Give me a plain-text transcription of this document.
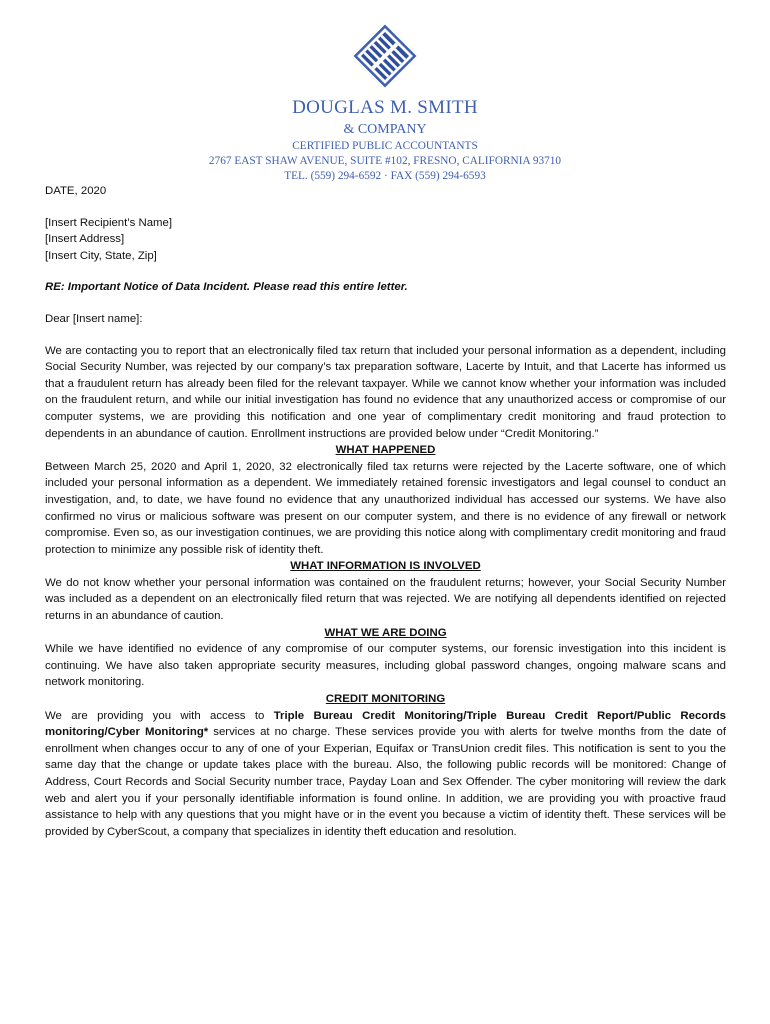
DOUGLAS M. SMITH
& COMPANY
CERTIFIED PUBLIC ACCOUNTANTS
2767 EAST SHAW AVENUE, SUITE #102, FRESNO, CALIFORNIA 93710
TEL. (559) 294-6592 · FAX (559) 294-6593

DATE, 2020

[Insert Recipient’s Name]

[Insert Address]

[Insert City, State, Zip]

RE: Important Notice of Data Incident. Please read this entire letter.

Dear [Insert name]:

We are contacting you to report that an electronically filed tax return that included your personal information as a dependent, including Social Security Number, was rejected by our company’s tax preparation software, Lacerte by Intuit, and that Lacerte has informed us that a fraudulent return has already been filed for the relevant taxpayer. While we cannot know whether your information was included on the fraudulent return, and while our initial investigation has found no evidence that any unauthorized access or compromise of our computer systems, we are providing this notification and one year of complimentary credit monitoring and fraud protection to dependents in an abundance of caution. Enrollment instructions are provided below under “Credit Monitoring.”

WHAT HAPPENED

Between March 25, 2020 and April 1, 2020, 32 electronically filed tax returns were rejected by the Lacerte software, one of which included your personal information as a dependent. We immediately retained forensic investigators and legal counsel to conduct an investigation, and, to date, we have found no evidence that any unauthorized individual has accessed our systems. We have also confirmed no virus or malicious software was present on our computer system, and there is no evidence of any firewall or network compromise. Even so, as our investigation continues, we are providing this notice along with complimentary credit monitoring and fraud protection to minimize any possible risk of identity theft.

WHAT INFORMATION IS INVOLVED

We do not know whether your personal information was contained on the fraudulent returns; however, your Social Security Number was included as a dependent on an electronically filed return that was rejected. We are notifying all dependents identified on rejected returns in an abundance of caution.

WHAT WE ARE DOING

While we have identified no evidence of any compromise of our computer systems, our forensic investigation into this incident is continuing. We have also taken appropriate security measures, including global password changes, ongoing malware scans and network monitoring.

CREDIT MONITORING

We are providing you with access to Triple Bureau Credit Monitoring/Triple Bureau Credit Report/Public Records monitoring/Cyber Monitoring* services at no charge. These services provide you with alerts for twelve months from the date of enrollment when changes occur to any of one of your Experian, Equifax or TransUnion credit files. This notification is sent to you the same day that the change or update takes place with the bureau. Also, the following public records will be monitored: Change of Address, Court Records and Social Security number trace, Payday Loan and Sex Offender. The cyber monitoring will review the dark web and alert you if your personally identifiable information is found online. In addition, we are providing you with proactive fraud assistance to help with any questions that you might have or in the event you because a victim of identity theft. These services will be provided by CyberScout, a company that specializes in identity theft education and resolution.
